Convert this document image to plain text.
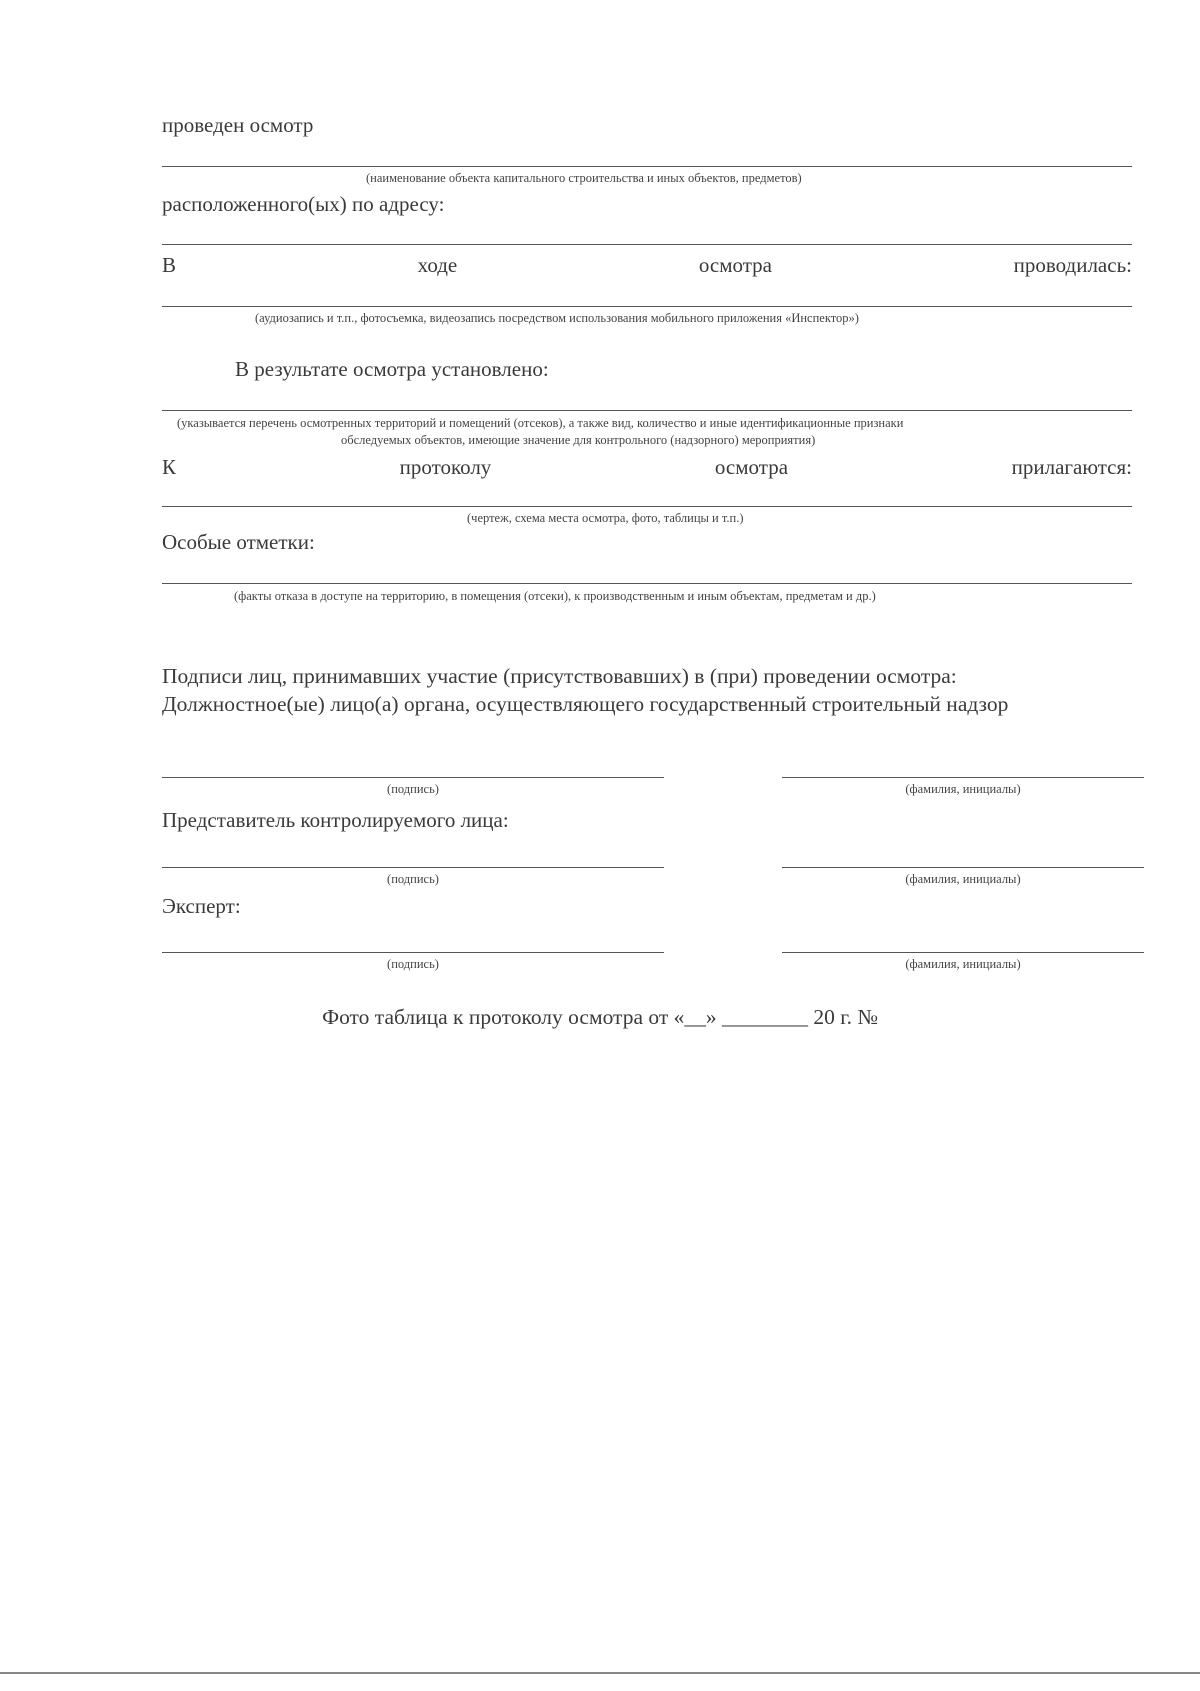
проведен осмотр
(наименование объекта капитального строительства и иных объектов, предметов)
расположенного(ых) по адресу:
В	ходе	осмотра	проводилась:
(аудиозапись и т.п., фотосъемка, видеозапись посредством использования мобильного приложения «Инспектор»)
В результате осмотра установлено:
(указывается перечень осмотренных территорий и помещений (отсеков), а также вид, количество и иные идентификационные признаки
обследуемых объектов, имеющие значение для контрольного (надзорного) мероприятия)
К	протоколу	осмотра	прилагаются:
(чертеж, схема места осмотра, фото, таблицы и т.п.)
Особые отметки:
(факты отказа в доступе на территорию, в помещения (отсеки), к производственным и иным объектам, предметам и др.)
Подписи лиц, принимавших участие (присутствовавших) в (при) проведении осмотра:
Должностное(ые) лицо(а) органа, осуществляющего государственный строительный надзор
(подпись)	(фамилия, инициалы)
Представитель контролируемого лица:
(подпись)	(фамилия, инициалы)
Эксперт:
(подпись)	(фамилия, инициалы)
Фото таблица к протоколу осмотра от «__» ________ 20 г. №
